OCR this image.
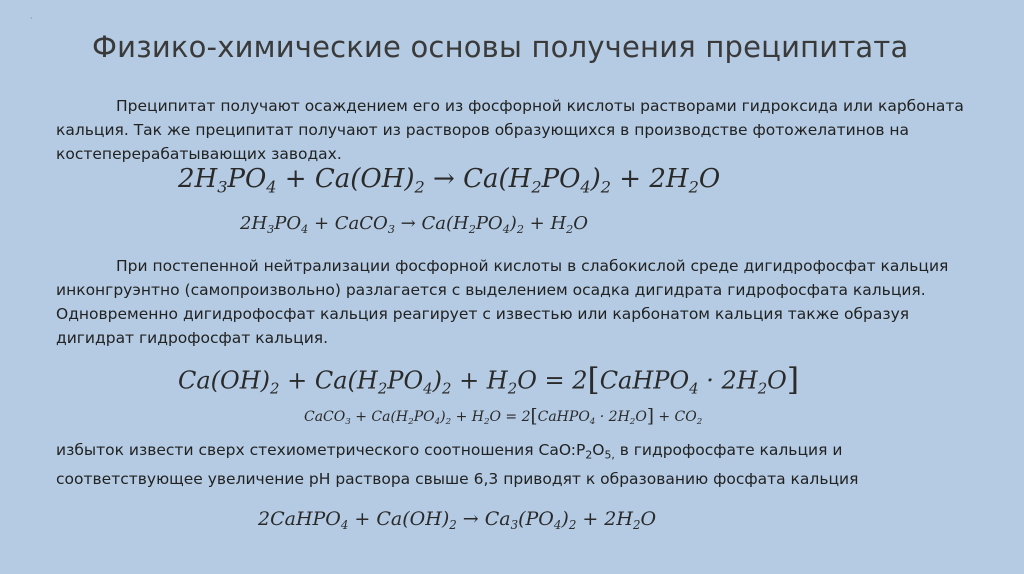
·
Физико-химические основы получения преципитата
Преципитат получают осаждением его из фосфорной кислоты растворами гидроксида или карбоната кальция. Так же преципитат получают из растворов образующихся в производстве фотожелатинов на костеперерабатывающих заводах.
$2H_3PO_4 + Ca(OH)_2 \to Ca(H_2PO_4)_2 + 2H_2O$
$2H_3PO_4$ + CaCO$_3$ → $Ca(H_2PO_4)_2 + H_2O$
При постепенной нейтрализации фосфорной кислоты в слабокислой среде дигидрофосфат кальция инконгруэнтно (самопроизвольно) разлагается с выделением осадка дигидрата гидрофосфата кальция. Одновременно дигидрофосфат кальция реагирует с известью или карбонатом кальция также образуя дигидрат гидрофосфат кальция.
$Ca(OH)_2 + Ca(H_2PO_4)_2 + H_2O$ = 2[CaHPO$_4$ · $2H_2O$]
CaCO$_3$ + $Ca(H_2PO_4)_2 + H_2O$ = 2[CaHPO$_4$ · $2H_2O] + CO_2$
избыток извести сверх стехиометрического соотношения $CaO:P_2O_{5,}$ в гидрофосфате кальция и соответствующее увеличение pH раствора свыше 6,3 приводят к образованию фосфата кальция
2CaHPO$_4$ + $Ca(OH)_2 \to Ca_3(PO_4)_2 + 2H_2O$
